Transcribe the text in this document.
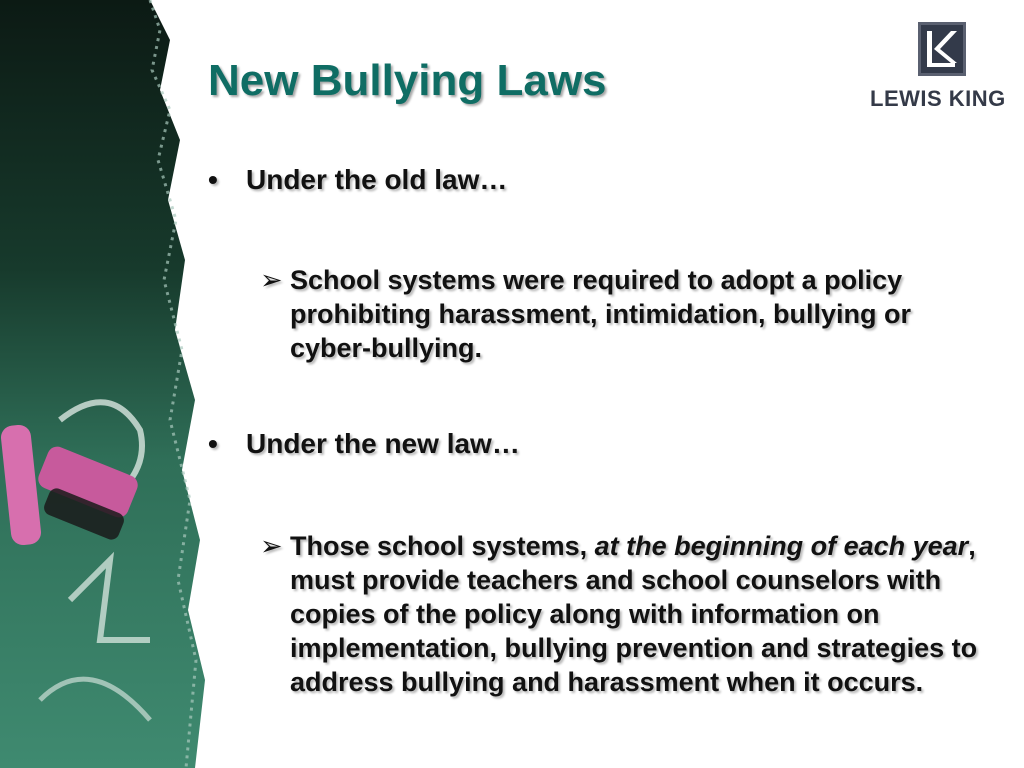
New Bullying Laws	LEWIS KING
• Under the old law…
➢ School systems were required to adopt a policy prohibiting harassment, intimidation, bullying or cyber-bullying.
• Under the new law…
➢ Those school systems, at the beginning of each year, must provide teachers and school counselors with copies of the policy along with information on implementation, bullying prevention and strategies to address bullying and harassment when it occurs.
